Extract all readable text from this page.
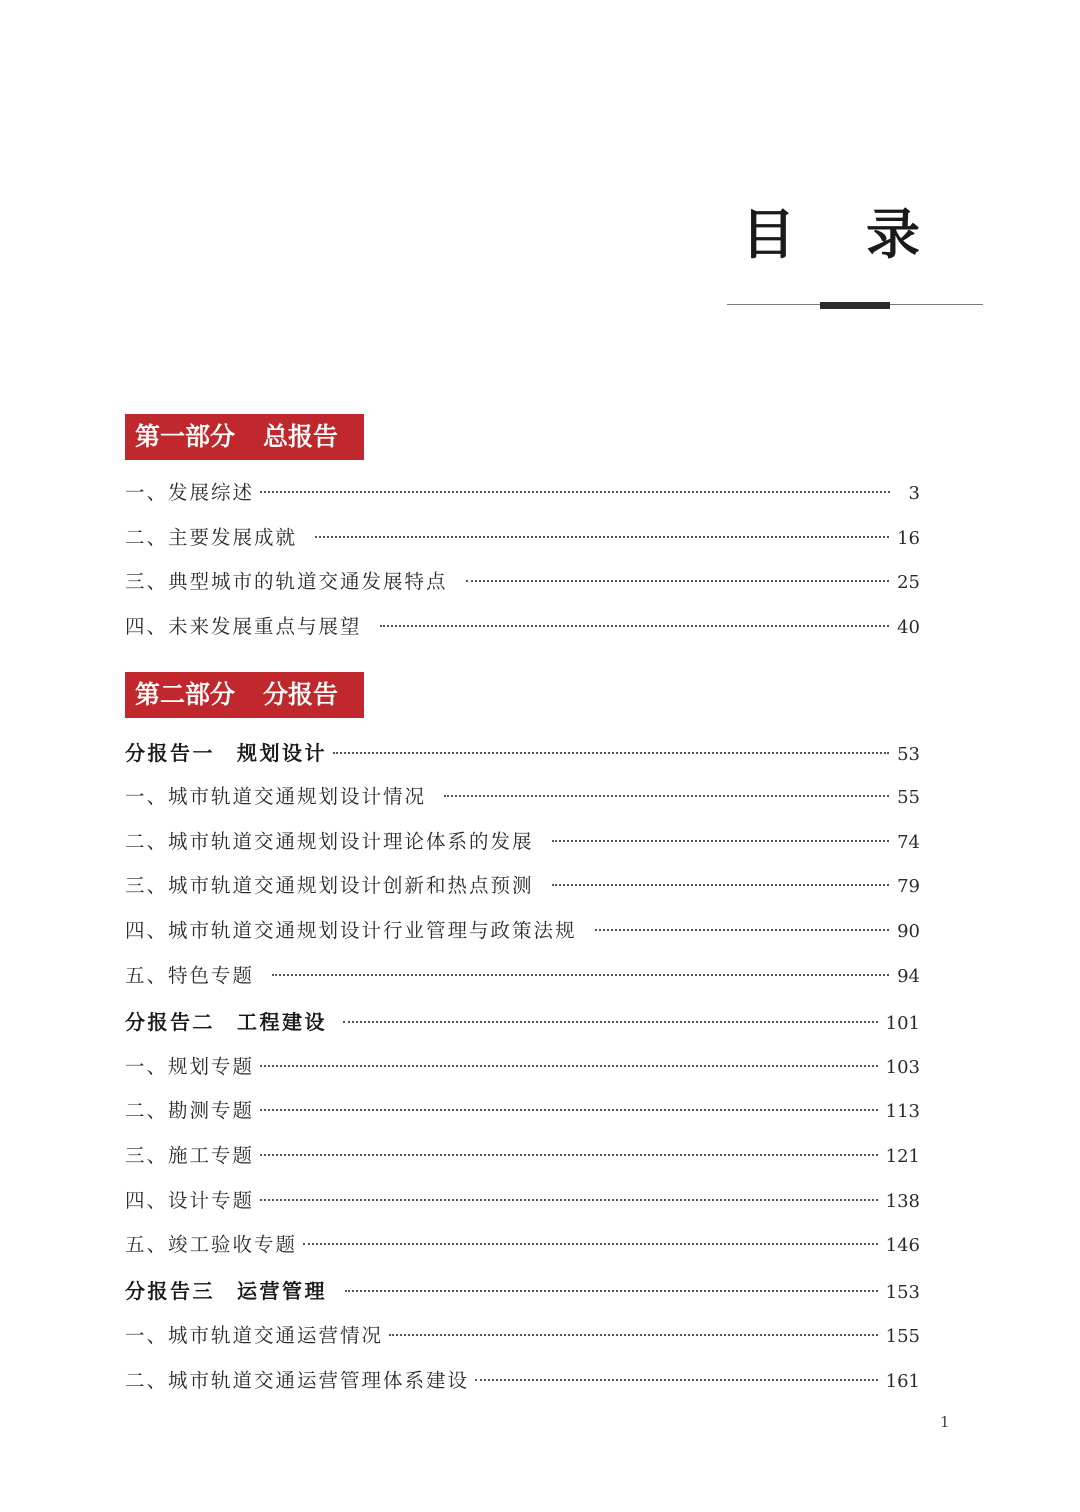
目 录
第一部分 总报告
一、发展综述	3
二、主要发展成就	16
三、典型城市的轨道交通发展特点	25
四、未来发展重点与展望	40
第二部分 分报告
分报告一 规划设计	53
一、城市轨道交通规划设计情况	55
二、城市轨道交通规划设计理论体系的发展	74
三、城市轨道交通规划设计创新和热点预测	79
四、城市轨道交通规划设计行业管理与政策法规	90
五、特色专题	94
分报告二 工程建设	101
一、规划专题	103
二、勘测专题	113
三、施工专题	121
四、设计专题	138
五、竣工验收专题	146
分报告三 运营管理	153
一、城市轨道交通运营情况	155
二、城市轨道交通运营管理体系建设	161
1
